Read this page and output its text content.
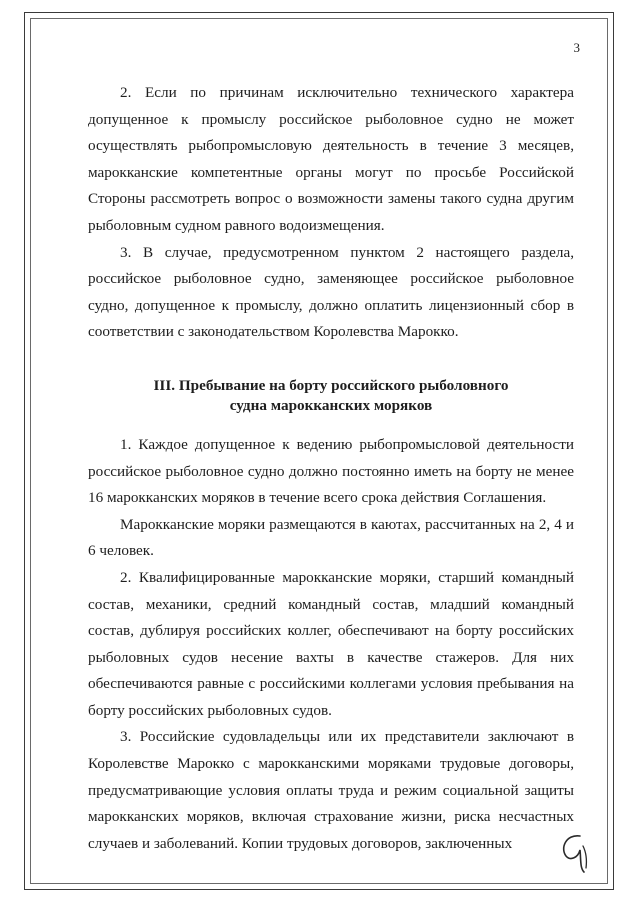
3

2. Если по причинам исключительно технического характера допущенное к промыслу российское рыболовное судно не может осуществлять рыбопромысловую деятельность в течение 3 месяцев, марокканские компетентные органы могут по просьбе Российской Стороны рассмотреть вопрос о возможности замены такого судна другим рыболовным судном равного водоизмещения.

3. В случае, предусмотренном пунктом 2 настоящего раздела, российское рыболовное судно, заменяющее российское рыболовное судно, допущенное к промыслу, должно оплатить лицензионный сбор в соответствии с законодательством Королевства Марокко.

III. Пребывание на борту российского рыболовного
судна марокканских моряков

1. Каждое допущенное к ведению рыбопромысловой деятельности российское рыболовное судно должно постоянно иметь на борту не менее 16 марокканских моряков в течение всего срока действия Соглашения.

Марокканские моряки размещаются в каютах, рассчитанных на 2, 4 и 6 человек.

2. Квалифицированные марокканские моряки, старший командный состав, механики, средний командный состав, младший командный состав, дублируя российских коллег, обеспечивают на борту российских рыболовных судов несение вахты в качестве стажеров. Для них обеспечиваются равные с российскими коллегами условия пребывания на борту российских рыболовных судов.

3. Российские судовладельцы или их представители заключают в Королевстве Марокко с марокканскими моряками трудовые договоры, предусматривающие условия оплаты труда и режим социальной защиты марокканских моряков, включая страхование жизни, риска несчастных случаев и заболеваний. Копии трудовых договоров, заключенных
